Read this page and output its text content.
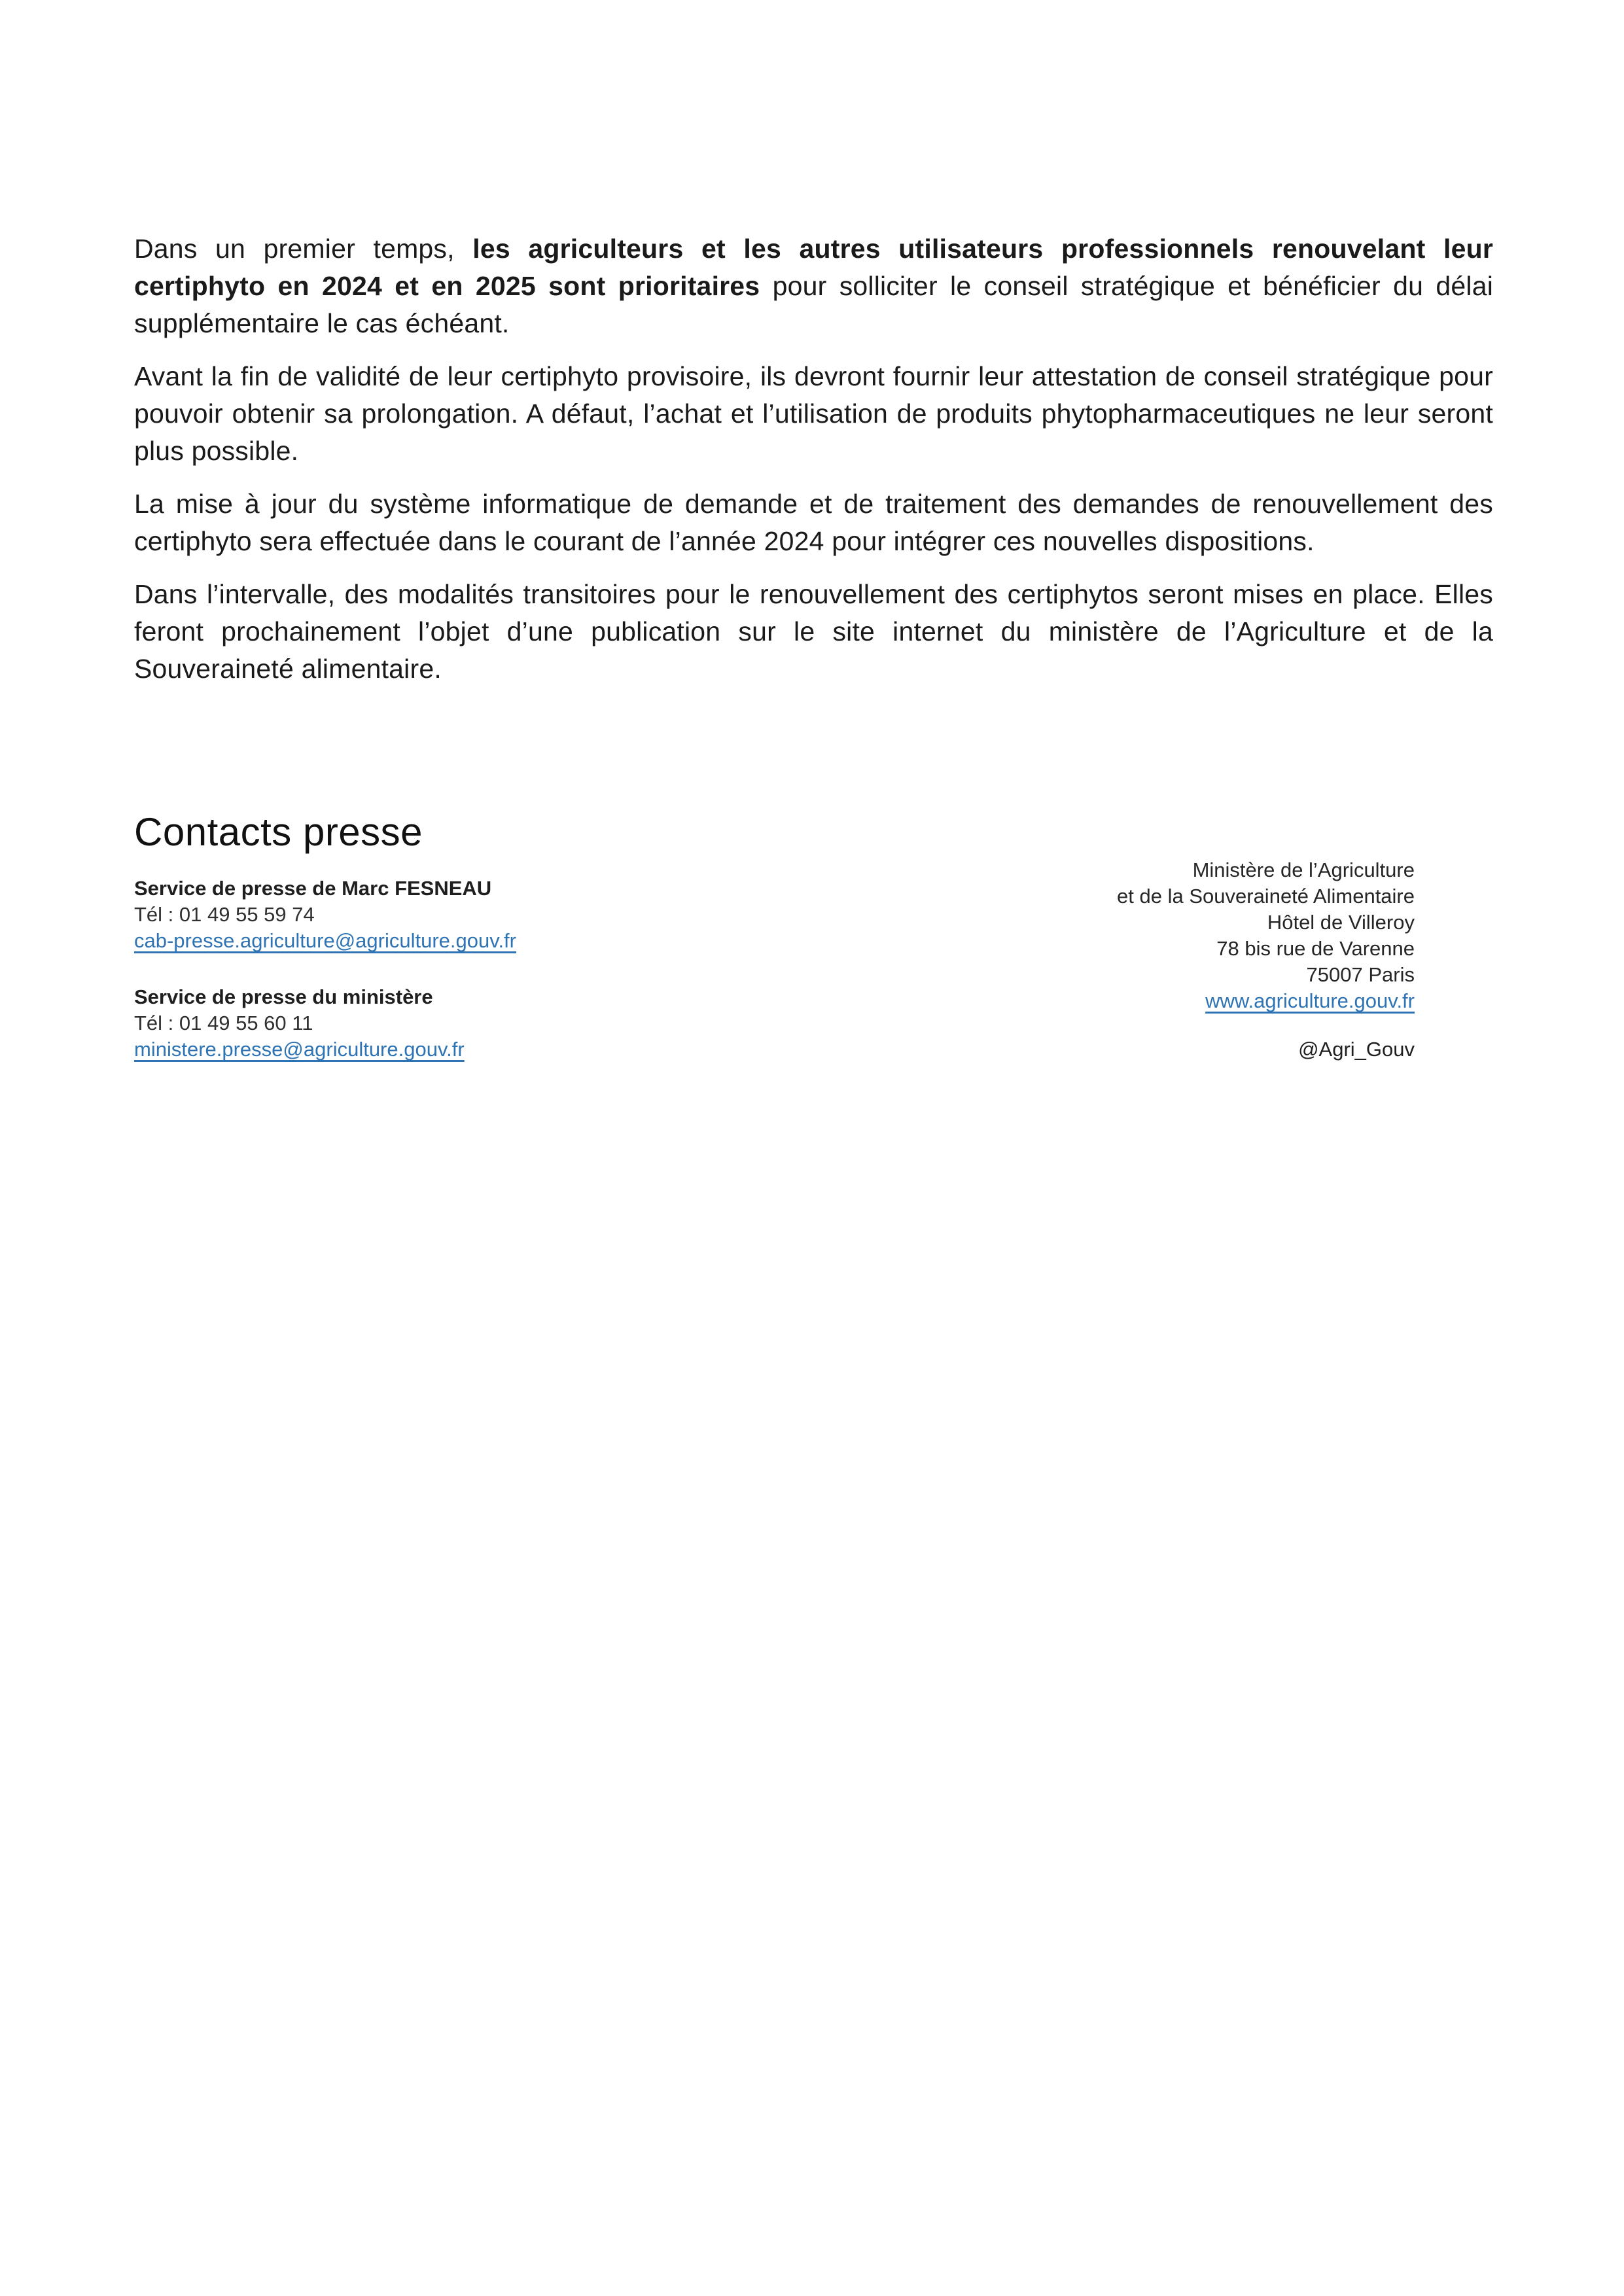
Dans un premier temps, les agriculteurs et les autres utilisateurs professionnels renouvelant leur certiphyto en 2024 et en 2025 sont prioritaires pour solliciter le conseil stratégique et bénéficier du délai supplémentaire le cas échéant.

Avant la fin de validité de leur certiphyto provisoire, ils devront fournir leur attestation de conseil stratégique pour pouvoir obtenir sa prolongation. A défaut, l’achat et l’utilisation de produits phytopharmaceutiques ne leur seront plus possible.

La mise à jour du système informatique de demande et de traitement des demandes de renouvellement des certiphyto sera effectuée dans le courant de l’année 2024 pour intégrer ces nouvelles dispositions.

Dans l’intervalle, des modalités transitoires pour le renouvellement des certiphytos seront mises en place. Elles feront prochainement l’objet d’une publication sur le site internet du ministère de l’Agriculture et de la Souveraineté alimentaire.

Contacts presse
Service de presse de Marc FESNEAU
Tél : 01 49 55 59 74
cab-presse.agriculture@agriculture.gouv.fr
Service de presse du ministère
Tél : 01 49 55 60 11
ministere.presse@agriculture.gouv.fr
Ministère de l’Agriculture
et de la Souveraineté Alimentaire
Hôtel de Villeroy
78 bis rue de Varenne
75007 Paris
www.agriculture.gouv.fr
@Agri_Gouv
